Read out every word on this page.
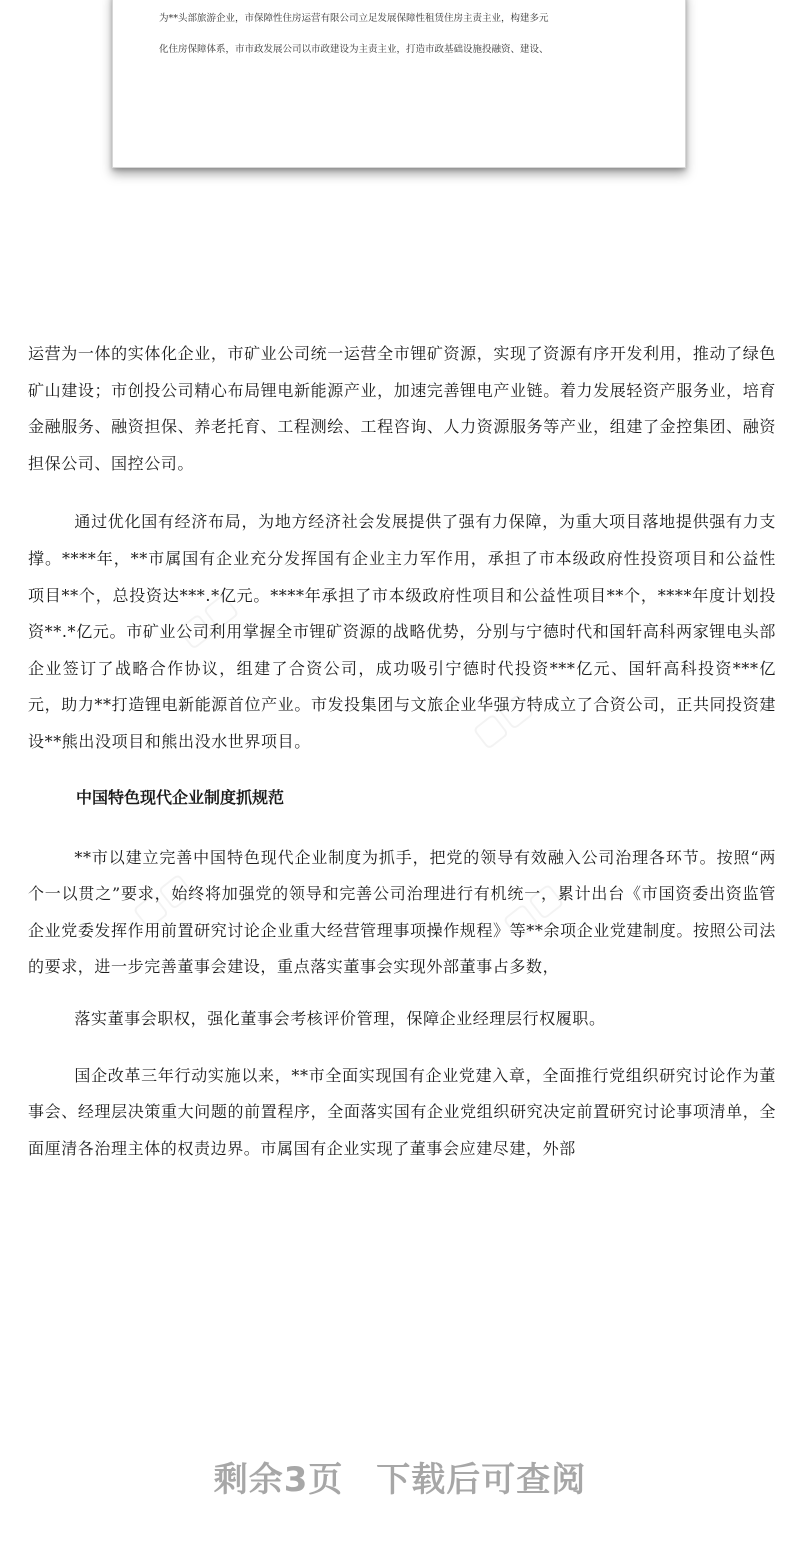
为**头部旅游企业，市保障性住房运营有限公司立足发展保障性租赁住房主责主业，构建多元
化住房保障体系，市市政发展公司以市政建设为主责主业，打造市政基础设施投融资、建设、
▢▢
▢▢
▢▢	▢▢

运营为一体的实体化企业，市矿业公司统一运营全市锂矿资源，实现了资源有序开发利用，推动了绿色矿山建设；市创投公司精心布局锂电新能源产业，加速完善锂电产业链。着力发展轻资产服务业，培育金融服务、融资担保、养老托育、工程测绘、工程咨询、人力资源服务等产业，组建了金控集团、融资担保公司、国控公司。

通过优化国有经济布局，为地方经济社会发展提供了强有力保障，为重大项目落地提供强有力支撑。****年，**市属国有企业充分发挥国有企业主力军作用，承担了市本级政府性投资项目和公益性项目**个，总投资达***.*亿元。****年承担了市本级政府性项目和公益性项目**个，****年度计划投资**.*亿元。市矿业公司利用掌握全市锂矿资源的战略优势，分别与宁德时代和国轩高科两家锂电头部企业签订了战略合作协议，组建了合资公司，成功吸引宁德时代投资***亿元、国轩高科投资***亿元，助力**打造锂电新能源首位产业。市发投集团与文旅企业华强方特成立了合资公司，正共同投资建设**熊出没项目和熊出没水世界项目。

中国特色现代企业制度抓规范

**市以建立完善中国特色现代企业制度为抓手，把党的领导有效融入公司治理各环节。按照“两个一以贯之”要求，始终将加强党的领导和完善公司治理进行有机统一，累计出台《市国资委出资监管企业党委发挥作用前置研究讨论企业重大经营管理事项操作规程》等**余项企业党建制度。按照公司法的要求，进一步完善董事会建设，重点落实董事会实现外部董事占多数，

落实董事会职权，强化董事会考核评价管理，保障企业经理层行权履职。

国企改革三年行动实施以来，**市全面实现国有企业党建入章，全面推行党组织研究讨论作为董事会、经理层决策重大问题的前置程序，全面落实国有企业党组织研究决定前置研究讨论事项清单，全面厘清各治理主体的权责边界。市属国有企业实现了董事会应建尽建，外部

剩余3页 下载后可查阅
